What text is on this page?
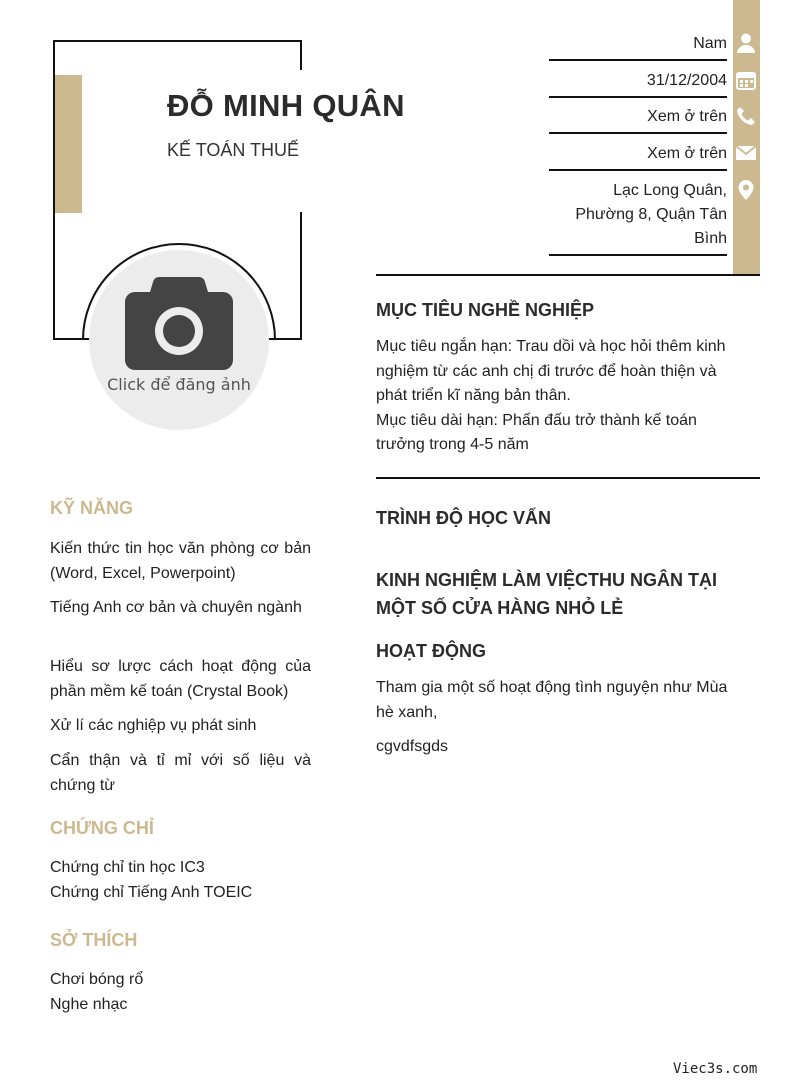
ĐỖ MINH QUÂN
KẾ TOÁN THUẾ
Click để đăng ảnh
Nam
31/12/2004
Xem ở trên
Xem ở trên
Lạc Long Quân,
Phường 8, Quận Tân
Bình
MỤC TIÊU NGHỀ NGHIỆP
Mục tiêu ngắn hạn: Trau dồi và học hỏi thêm kinh
nghiệm từ các anh chị đi trước để hoàn thiện và
phát triển kĩ năng bản thân.
Mục tiêu dài hạn: Phấn đấu trở thành kế toán
trưởng trong 4-5 năm
TRÌNH ĐỘ HỌC VẤN
KINH NGHIỆM LÀM VIỆCTHU NGÂN TẠI
MỘT SỐ CỬA HÀNG NHỎ LẺ
HOẠT ĐỘNG
Tham gia một số hoạt động tình nguyện như Mùa
hè xanh,
cgvdfsgds
KỸ NĂNG
Kiến thức tin học văn phòng cơ bản (Word, Excel, Powerpoint)
Tiếng Anh cơ bản và chuyên ngành
Hiểu sơ lược cách hoạt động của phần mềm kế toán (Crystal Book)
Xử lí các nghiệp vụ phát sinh
Cẩn thận và tỉ mỉ với số liệu và chứng từ
CHỨNG CHỈ
Chứng chỉ tin học IC3
Chứng chỉ Tiếng Anh TOEIC
SỞ THÍCH
Chơi bóng rổ
Nghe nhạc
Viec3s.com
